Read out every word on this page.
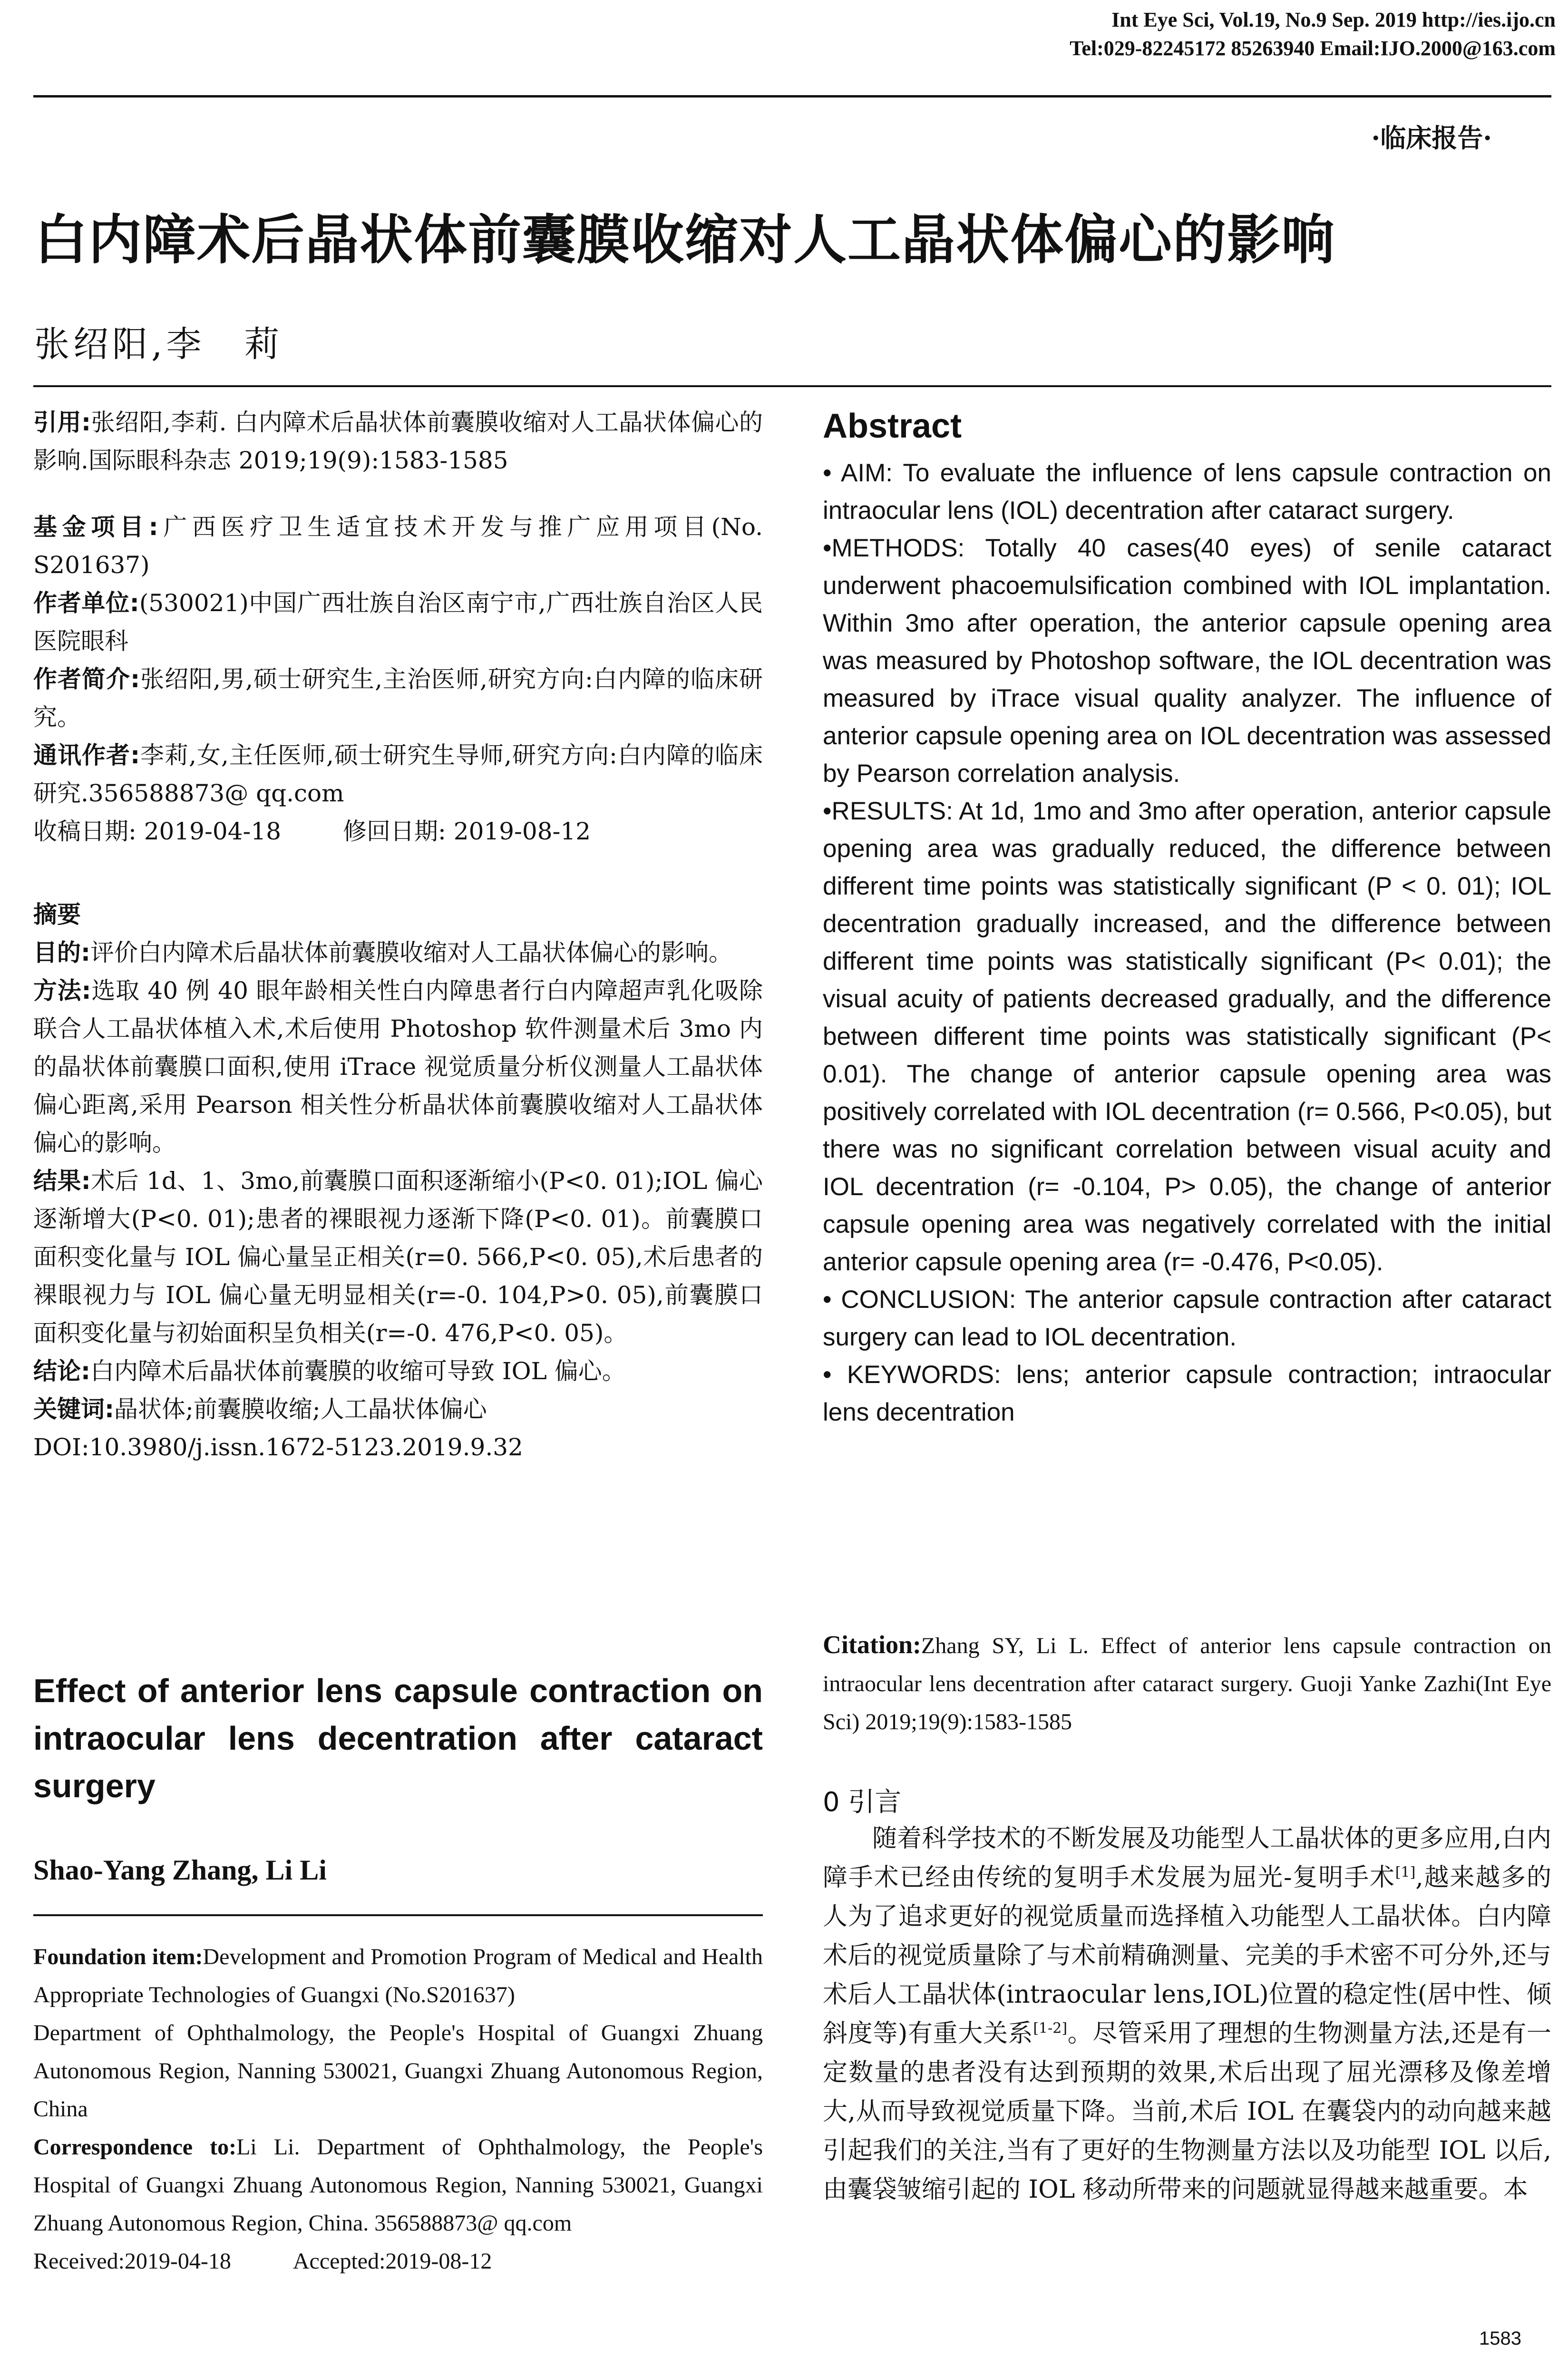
Int Eye Sci, Vol.19, No.9 Sep. 2019 http://ies.ijo.cn
Tel:029-82245172 85263940 Email:IJO.2000@163.com
·临床报告·
白内障术后晶状体前囊膜收缩对人工晶状体偏心的影响
张绍阳,李　莉

引用:张绍阳,李莉. 白内障术后晶状体前囊膜收缩对人工晶状体偏心的影响.国际眼科杂志 2019;19(9):1583-1585

基金项目:广西医疗卫生适宜技术开发与推广应用项目(No. S201637)

作者单位:(530021)中国广西壮族自治区南宁市,广西壮族自治区人民医院眼科

作者简介:张绍阳,男,硕士研究生,主治医师,研究方向:白内障的临床研究。

通讯作者:李莉,女,主任医师,硕士研究生导师,研究方向:白内障的临床研究.356588873@ qq.com

收稿日期: 2019-04-18	修回日期: 2019-08-12

摘要

目的:评价白内障术后晶状体前囊膜收缩对人工晶状体偏心的影响。

方法:选取 40 例 40 眼年龄相关性白内障患者行白内障超声乳化吸除联合人工晶状体植入术,术后使用 Photoshop 软件测量术后 3mo 内的晶状体前囊膜口面积,使用 iTrace 视觉质量分析仪测量人工晶状体偏心距离,采用 Pearson 相关性分析晶状体前囊膜收缩对人工晶状体偏心的影响。

结果:术后 1d、1、3mo,前囊膜口面积逐渐缩小(P<0. 01);IOL 偏心逐渐增大(P<0. 01);患者的裸眼视力逐渐下降(P<0. 01)。前囊膜口面积变化量与 IOL 偏心量呈正相关(r=0. 566,P<0. 05),术后患者的裸眼视力与 IOL 偏心量无明显相关(r=-0. 104,P>0. 05),前囊膜口面积变化量与初始面积呈负相关(r=-0. 476,P<0. 05)。

结论:白内障术后晶状体前囊膜的收缩可导致 IOL 偏心。

关键词:晶状体;前囊膜收缩;人工晶状体偏心

DOI:10.3980/j.issn.1672-5123.2019.9.32

Effect of anterior lens capsule contraction on intraocular lens decentration after cataract surgery
Shao-Yang Zhang, Li Li

Foundation item:Development and Promotion Program of Medical and Health Appropriate Technologies of Guangxi (No.S201637)

Department of Ophthalmology, the People's Hospital of Guangxi Zhuang Autonomous Region, Nanning 530021, Guangxi Zhuang Autonomous Region, China

Correspondence to:Li Li. Department of Ophthalmology, the People's Hospital of Guangxi Zhuang Autonomous Region, Nanning 530021, Guangxi Zhuang Autonomous Region, China. 356588873@ qq.com

Received:2019-04-18	Accepted:2019-08-12

Abstract

• AIM: To evaluate the influence of lens capsule contraction on intraocular lens (IOL) decentration after cataract surgery.

•METHODS: Totally 40 cases(40 eyes) of senile cataract underwent phacoemulsification combined with IOL implantation. Within 3mo after operation, the anterior capsule opening area was measured by Photoshop software, the IOL decentration was measured by iTrace visual quality analyzer. The influence of anterior capsule opening area on IOL decentration was assessed by Pearson correlation analysis.

•RESULTS: At 1d, 1mo and 3mo after operation, anterior capsule opening area was gradually reduced, the difference between different time points was statistically significant (P < 0. 01); IOL decentration gradually increased, and the difference between different time points was statistically significant (P< 0.01); the visual acuity of patients decreased gradually, and the difference between different time points was statistically significant (P< 0.01). The change of anterior capsule opening area was positively correlated with IOL decentration (r= 0.566, P<0.05), but there was no significant correlation between visual acuity and IOL decentration (r= -0.104, P> 0.05), the change of anterior capsule opening area was negatively correlated with the initial anterior capsule opening area (r= -0.476, P<0.05).

• CONCLUSION: The anterior capsule contraction after cataract surgery can lead to IOL decentration.

• KEYWORDS: lens; anterior capsule contraction; intraocular lens decentration

Citation:Zhang SY, Li L. Effect of anterior lens capsule contraction on intraocular lens decentration after cataract surgery. Guoji Yanke Zazhi(Int Eye Sci) 2019;19(9):1583-1585

0 引言

随着科学技术的不断发展及功能型人工晶状体的更多应用,白内障手术已经由传统的复明手术发展为屈光-复明手术[1],越来越多的人为了追求更好的视觉质量而选择植入功能型人工晶状体。白内障术后的视觉质量除了与术前精确测量、完美的手术密不可分外,还与术后人工晶状体(intraocular lens,IOL)位置的稳定性(居中性、倾斜度等)有重大关系[1-2]。尽管采用了理想的生物测量方法,还是有一定数量的患者没有达到预期的效果,术后出现了屈光漂移及像差增大,从而导致视觉质量下降。当前,术后 IOL 在囊袋内的动向越来越引起我们的关注,当有了更好的生物测量方法以及功能型 IOL 以后,由囊袋皱缩引起的 IOL 移动所带来的问题就显得越来越重要。本

1583
